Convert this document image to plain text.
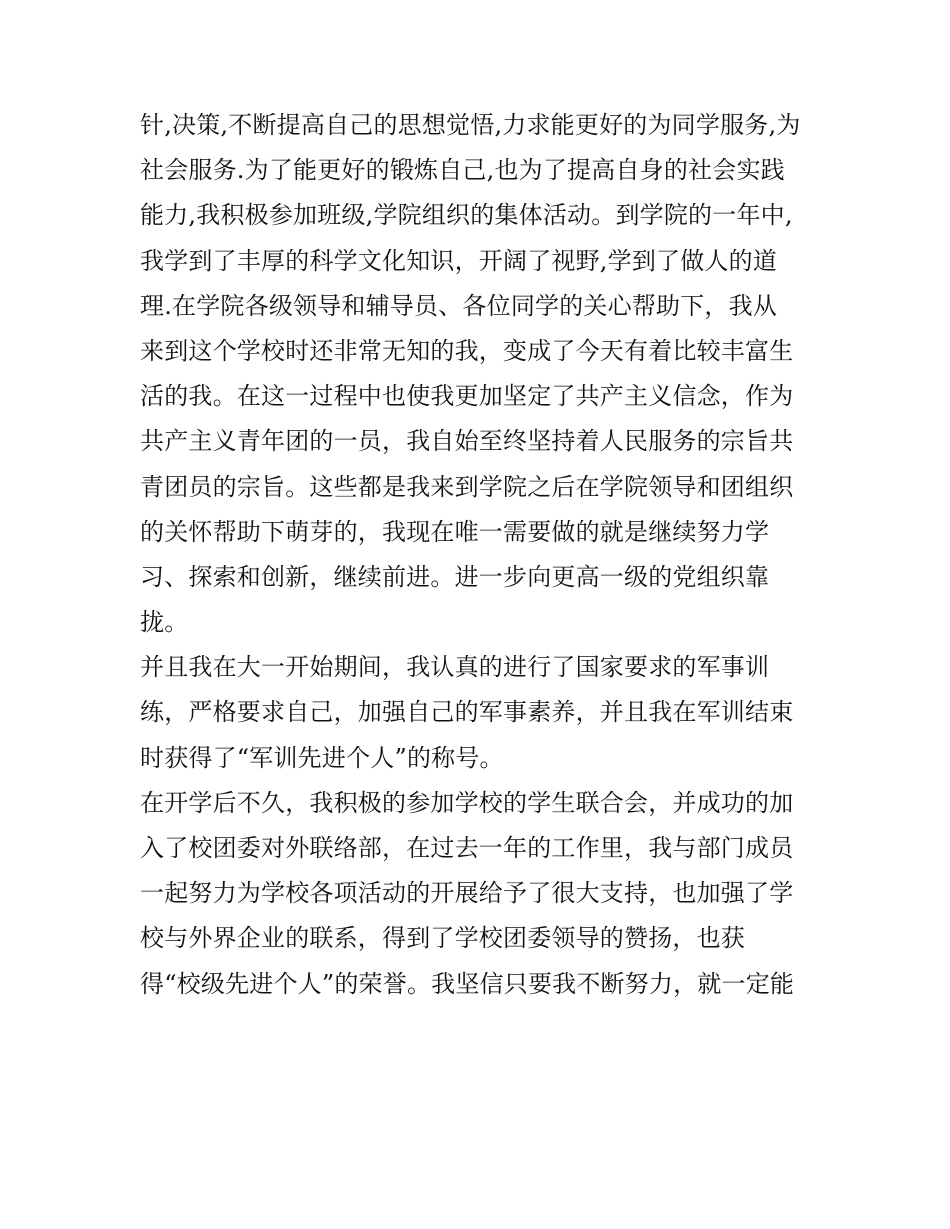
针,决策,不断提高自己的思想觉悟,力求能更好的为同学服务,为
社会服务.为了能更好的锻炼自己,也为了提高自身的社会实践
能力,我积极参加班级,学院组织的集体活动。到学院的一年中,
我学到了丰厚的科学文化知识，开阔了视野,学到了做人的道
理.在学院各级领导和辅导员、各位同学的关心帮助下，我从
来到这个学校时还非常无知的我，变成了今天有着比较丰富生
活的我。在这一过程中也使我更加坚定了共产主义信念，作为
共产主义青年团的一员，我自始至终坚持着人民服务的宗旨共
青团员的宗旨。这些都是我来到学院之后在学院领导和团组织
的关怀帮助下萌芽的，我现在唯一需要做的就是继续努力学
习、探索和创新，继续前进。进一步向更高一级的党组织靠
拢。
并且我在大一开始期间，我认真的进行了国家要求的军事训
练，严格要求自己，加强自己的军事素养，并且我在军训结束
时获得了“军训先进个人”的称号。
在开学后不久，我积极的参加学校的学生联合会，并成功的加
入了校团委对外联络部，在过去一年的工作里，我与部门成员
一起努力为学校各项活动的开展给予了很大支持，也加强了学
校与外界企业的联系，得到了学校团委领导的赞扬，也获
得“校级先进个人”的荣誉。我坚信只要我不断努力，就一定能
